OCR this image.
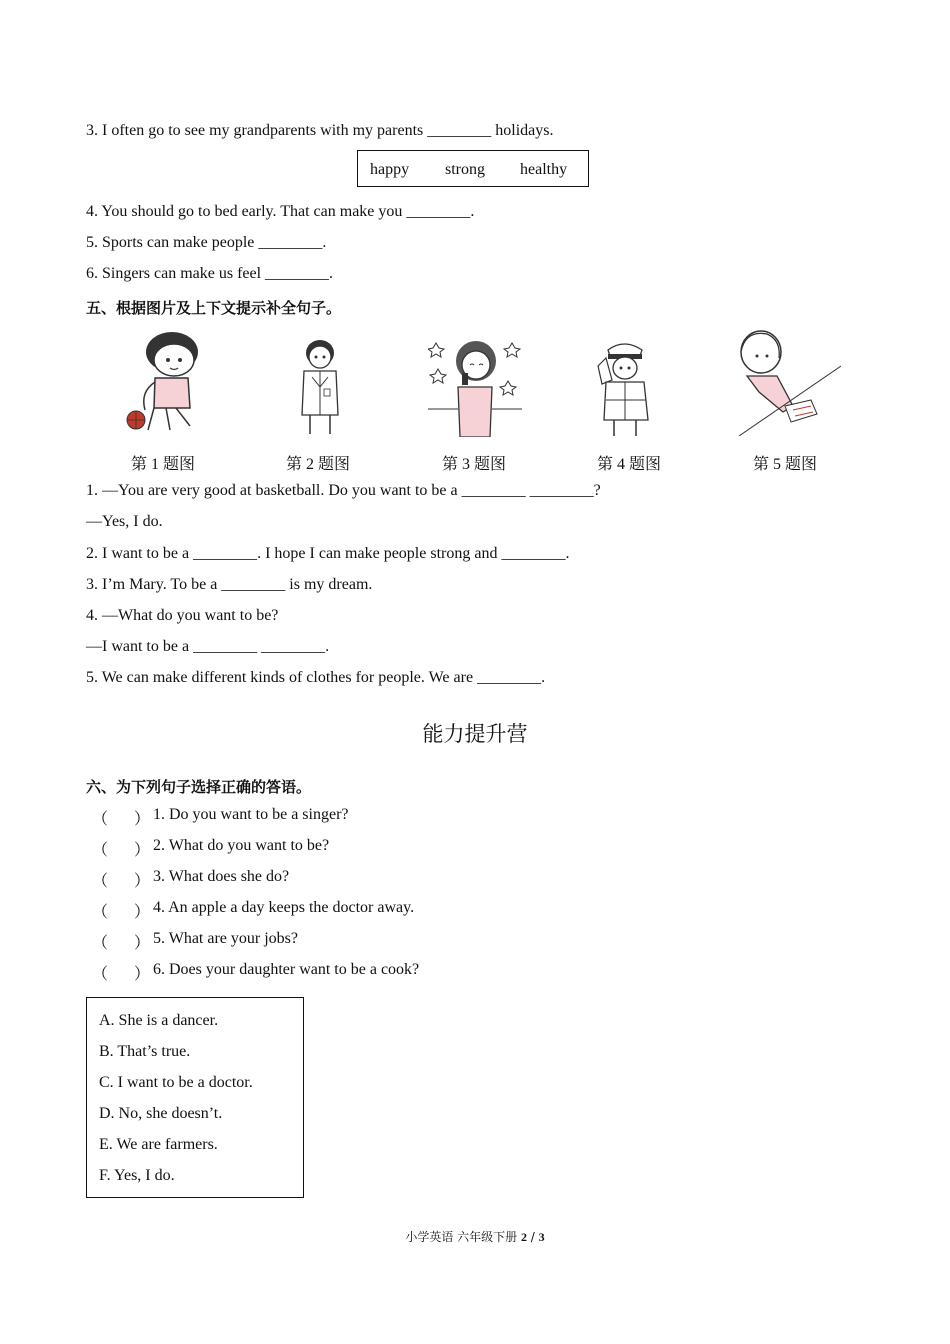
3. I often go to see my grandparents with my parents ________ holidays.
happy strong healthy
4. You should go to bed early. That can make you ________.
5. Sports can make people ________.
6. Singers can make us feel ________.
五、根据图片及上下文提示补全句子。
第 1 题图	第 2 题图	第 3 题图	第 4 题图	第 5 题图
1. —You are very good at basketball. Do you want to be a ________ ________?
—Yes, I do.
2. I want to be a ________. I hope I can make people strong and ________.
3. I’m Mary. To be a ________ is my dream.
4. —What do you want to be?
—I want to be a ________ ________.
5. We can make different kinds of clothes for people. We are ________.
能力提升营
六、为下列句子选择正确的答语。
（ ） 1. Do you want to be a singer?
（ ） 2. What do you want to be?
（ ） 3. What does she do?
（ ） 4. An apple a day keeps the doctor away.
（ ） 5. What are your jobs?
（ ） 6. Does your daughter want to be a cook?
A. She is a dancer.
B. That’s true.
C. I want to be a doctor.
D. No, she doesn’t.
E. We are farmers.
F. Yes, I do.
小学英语 六年级下册 2 / 3
